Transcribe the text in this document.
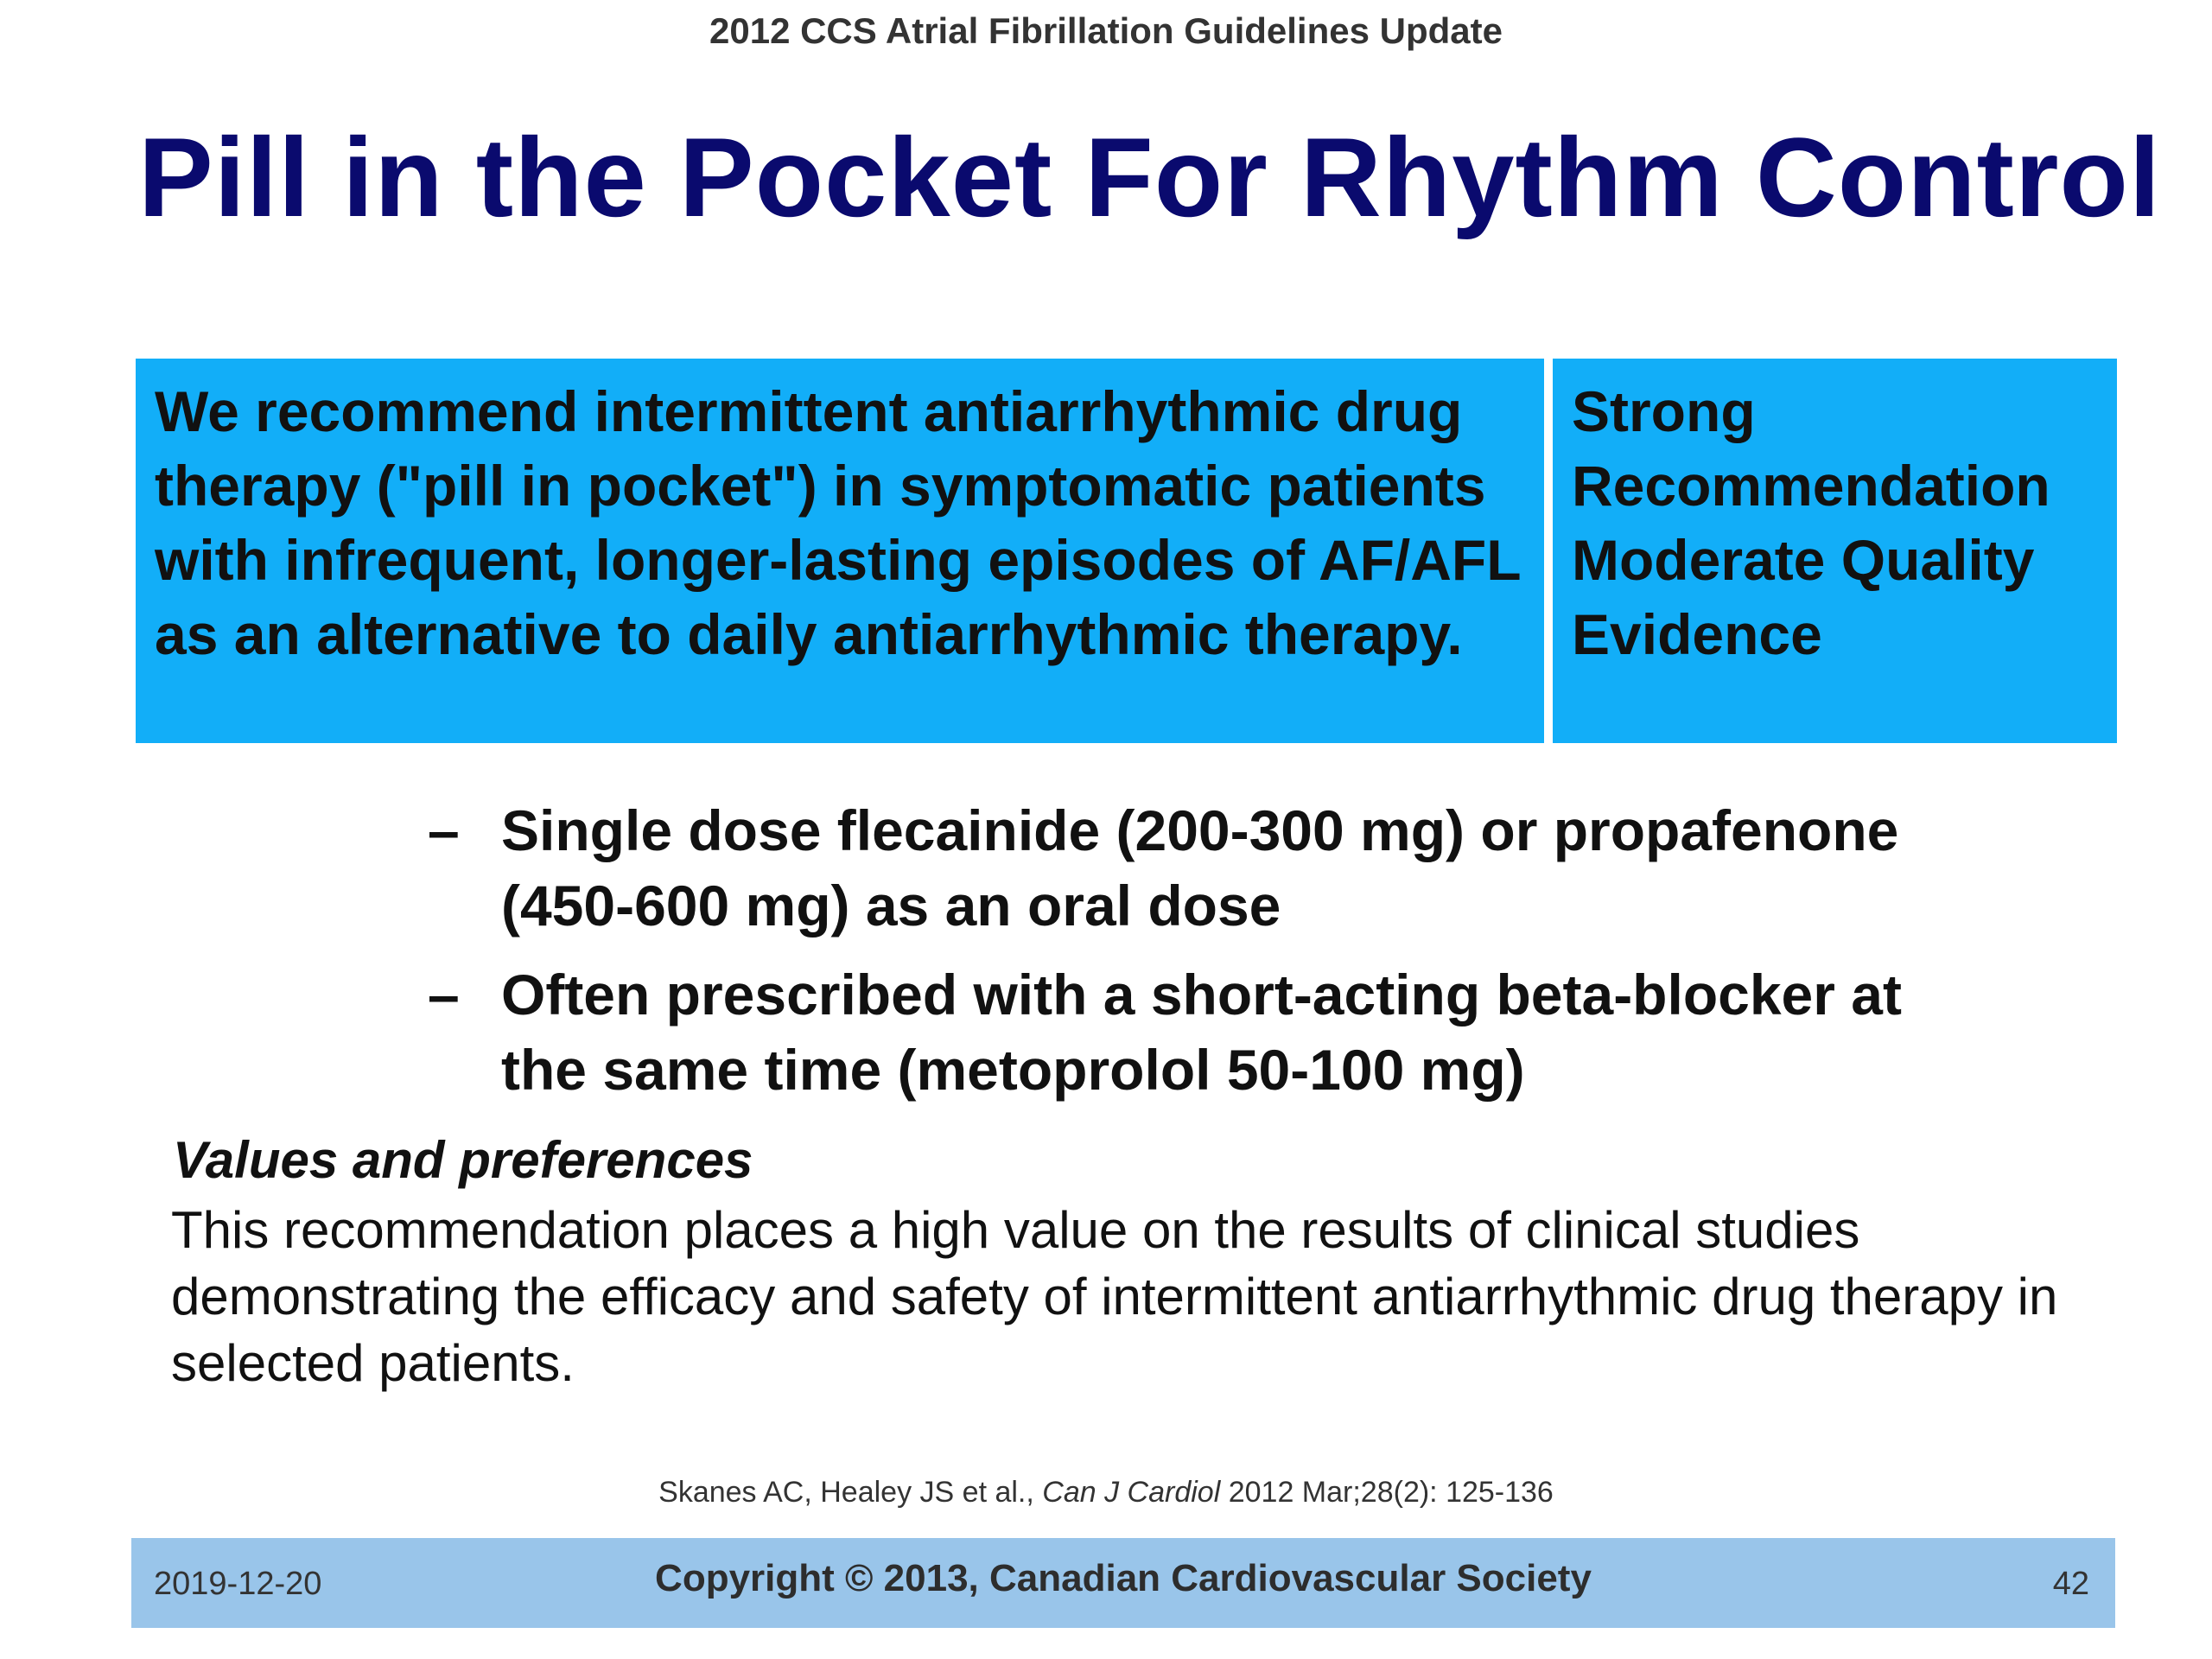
2012 CCS Atrial Fibrillation Guidelines Update
Pill in the Pocket For Rhythm Control
We recommend intermittent antiarrhythmic drug therapy ("pill in pocket") in symptomatic patients with infrequent, longer-lasting episodes of AF/AFL as an alternative to daily antiarrhythmic therapy.
Strong
Recommendation
Moderate Quality
Evidence
– Single dose flecainide (200-300 mg) or propafenone (450-600 mg) as an oral dose
– Often prescribed with a short-acting beta-blocker at the same time (metoprolol 50-100 mg)
Values and preferences
This recommendation places a high value on the results of clinical studies demonstrating the efficacy and safety of intermittent antiarrhythmic drug therapy in selected patients.
Skanes AC, Healey JS et al., Can J Cardiol 2012 Mar;28(2): 125-136
2019-12-20	Copyright © 2013, Canadian Cardiovascular Society	42
